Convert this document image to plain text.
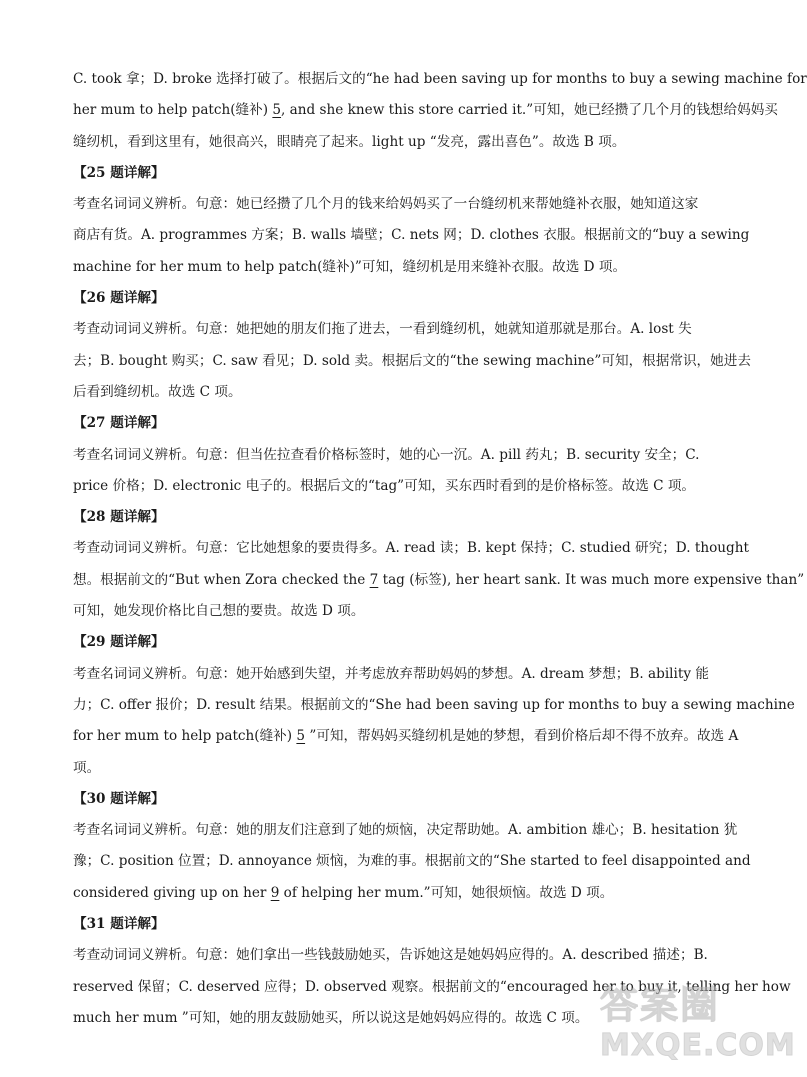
C. took 拿；D. broke 选择打破了。根据后文的“he had been saving up for months to buy a sewing machine for
her mum to help patch(缝补) 5, and she knew this store carried it.”可知，她已经攒了几个月的钱想给妈妈买
缝纫机，看到这里有，她很高兴，眼睛亮了起来。light up “发亮，露出喜色”。故选 B 项。
【25 题详解】
考查名词词义辨析。句意：她已经攒了几个月的钱来给妈妈买了一台缝纫机来帮她缝补衣服，她知道这家
商店有货。A. programmes 方案；B. walls 墙壁；C. nets 网；D. clothes 衣服。根据前文的“buy a sewing
machine for her mum to help patch(缝补)”可知，缝纫机是用来缝补衣服。故选 D 项。
【26 题详解】
考查动词词义辨析。句意：她把她的朋友们拖了进去，一看到缝纫机，她就知道那就是那台。A. lost 失
去；B. bought 购买；C. saw 看见；D. sold 卖。根据后文的“the sewing machine”可知，根据常识，她进去
后看到缝纫机。故选 C 项。
【27 题详解】
考查名词词义辨析。句意：但当佐拉查看价格标签时，她的心一沉。A. pill 药丸；B. security 安全；C.
price 价格；D. electronic 电子的。根据后文的“tag”可知，买东西时看到的是价格标签。故选 C 项。
【28 题详解】
考查动词词义辨析。句意：它比她想象的要贵得多。A. read 读；B. kept 保持；C. studied 研究；D. thought
想。根据前文的“But when Zora checked the 7 tag (标签), her heart sank. It was much more expensive than”
可知，她发现价格比自己想的要贵。故选 D 项。
【29 题详解】
考查名词词义辨析。句意：她开始感到失望，并考虑放弃帮助妈妈的梦想。A. dream 梦想；B. ability 能
力；C. offer 报价；D. result 结果。根据前文的“She had been saving up for months to buy a sewing machine
for her mum to help patch(缝补) 5 ”可知，帮妈妈买缝纫机是她的梦想，看到价格后却不得不放弃。故选 A
项。
【30 题详解】
考查名词词义辨析。句意：她的朋友们注意到了她的烦恼，决定帮助她。A. ambition 雄心；B. hesitation 犹
豫；C. position 位置；D. annoyance 烦恼，为难的事。根据前文的“She started to feel disappointed and
considered giving up on her 9 of helping her mum.”可知，她很烦恼。故选 D 项。
【31 题详解】
考查动词词义辨析。句意：她们拿出一些钱鼓励她买，告诉她这是她妈妈应得的。A. described 描述；B.
reserved 保留；C. deserved 应得；D. observed 观察。根据前文的“encouraged her to buy it, telling her how
much her mum ”可知，她的朋友鼓励她买，所以说这是她妈妈应得的。故选 C 项。 答案圈
MXQE.COM
